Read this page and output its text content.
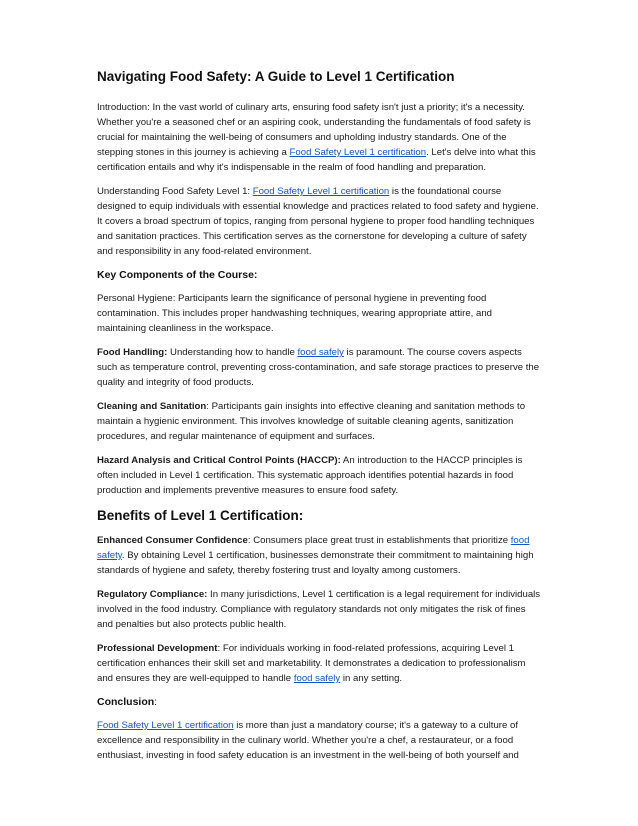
Navigating Food Safety: A Guide to Level 1 Certification

Introduction: In the vast world of culinary arts, ensuring food safety isn't just a priority; it's a necessity. Whether you're a seasoned chef or an aspiring cook, understanding the fundamentals of food safety is crucial for maintaining the well-being of consumers and upholding industry standards. One of the stepping stones in this journey is achieving a Food Safety Level 1 certification. Let's delve into what this certification entails and why it's indispensable in the realm of food handling and preparation.

Understanding Food Safety Level 1: Food Safety Level 1 certification is the foundational course designed to equip individuals with essential knowledge and practices related to food safety and hygiene. It covers a broad spectrum of topics, ranging from personal hygiene to proper food handling techniques and sanitation practices. This certification serves as the cornerstone for developing a culture of safety and responsibility in any food-related environment.

Key Components of the Course:

Personal Hygiene: Participants learn the significance of personal hygiene in preventing food contamination. This includes proper handwashing techniques, wearing appropriate attire, and maintaining cleanliness in the workspace.

Food Handling: Understanding how to handle food safely is paramount. The course covers aspects such as temperature control, preventing cross-contamination, and safe storage practices to preserve the quality and integrity of food products.

Cleaning and Sanitation: Participants gain insights into effective cleaning and sanitation methods to maintain a hygienic environment. This involves knowledge of suitable cleaning agents, sanitization procedures, and regular maintenance of equipment and surfaces.

Hazard Analysis and Critical Control Points (HACCP): An introduction to the HACCP principles is often included in Level 1 certification. This systematic approach identifies potential hazards in food production and implements preventive measures to ensure food safety.

Benefits of Level 1 Certification:

Enhanced Consumer Confidence: Consumers place great trust in establishments that prioritize food safety. By obtaining Level 1 certification, businesses demonstrate their commitment to maintaining high standards of hygiene and safety, thereby fostering trust and loyalty among customers.

Regulatory Compliance: In many jurisdictions, Level 1 certification is a legal requirement for individuals involved in the food industry. Compliance with regulatory standards not only mitigates the risk of fines and penalties but also protects public health.

Professional Development: For individuals working in food-related professions, acquiring Level 1 certification enhances their skill set and marketability. It demonstrates a dedication to professionalism and ensures they are well-equipped to handle food safely in any setting.

Conclusion:

Food Safety Level 1 certification is more than just a mandatory course; it's a gateway to a culture of excellence and responsibility in the culinary world. Whether you're a chef, a restaurateur, or a food enthusiast, investing in food safety education is an investment in the well-being of both yourself and
